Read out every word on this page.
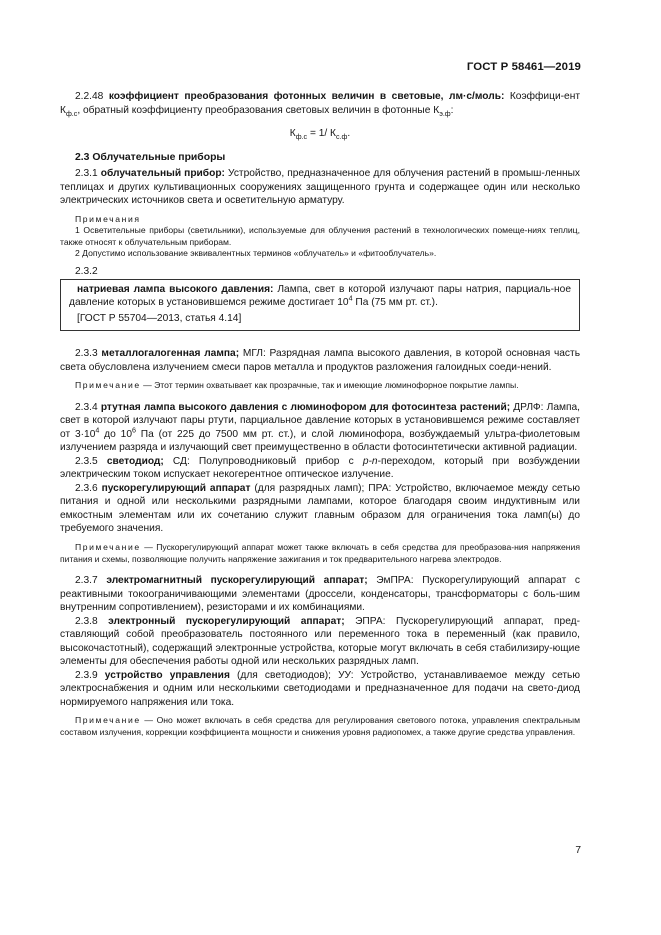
ГОСТ Р 58461—2019

2.2.48 коэффициент преобразования фотонных величин в световые, лм·с/моль: Коэффици-ент $К_{ф.с}$, обратный коэффициенту преобразования световых величин в фотонные $К_{э.ф}$:

$К_{ф.с} = 1/$ $К_{с.ф}$.
2.3 Облучательные приборы

2.3.1 облучательный прибор: Устройство, предназначенное для облучения растений в промыш-ленных теплицах и других культивационных сооружениях защищенного грунта и содержащее один или несколько электрических источников света и осветительную арматуру.

Примечания

1 Осветительные приборы (светильники), используемые для облучения растений в технологических помеще-ниях теплиц, также относят к облучательным приборам.

2 Допустимо использование эквивалентных терминов «облучатель» и «фитооблучатель».

2.3.2

натриевая лампа высокого давления: Лампа, свет в которой излучают пары натрия, парциаль-ное давление которых в установившемся режиме достигает $10^4$ Па (75 мм рт. ст.).

[ГОСТ Р 55704—2013, статья 4.14]

2.3.3 металлогалогенная лампа; МГЛ: Разрядная лампа высокого давления, в которой основная часть света обусловлена излучением смеси паров металла и продуктов разложения галоидных соеди-нений.

Примечание — Этот термин охватывает как прозрачные, так и имеющие люминофорное покрытие лампы.

2.3.4 ртутная лампа высокого давления с люминофором для фотосинтеза растений; ДРЛФ: Лампа, свет в которой излучают пары ртути, парциальное давление которых в установившемся режиме составляет от $3\cdot 10^4$ до $10^6$ Па (от 225 до 7500 мм рт. ст.), и слой люминофора, возбуждаемый ультра-фиолетовым излучением разряда и излучающий свет преимущественно в области фотосинтетически активной радиации.

2.3.5 светодиод; СД: Полупроводниковый прибор с p-n-переходом, который при возбуждении электрическим током испускает некогерентное оптическое излучение.

2.3.6 пускорегулирующий аппарат (для разрядных ламп); ПРА: Устройство, включаемое между сетью питания и одной или несколькими разрядными лампами, которое благодаря своим индуктивным или емкостным элементам или их сочетанию служит главным образом для ограничения тока ламп(ы) до требуемого значения.

Примечание — Пускорегулирующий аппарат может также включать в себя средства для преобразова-ния напряжения питания и схемы, позволяющие получить напряжение зажигания и ток предварительного нагрева электродов.

2.3.7 электромагнитный пускорегулирующий аппарат; ЭмПРА: Пускорегулирующий аппарат с реактивными токоограничивающими элементами (дроссели, конденсаторы, трансформаторы с боль-шим внутренним сопротивлением), резисторами и их комбинациями.

2.3.8 электронный пускорегулирующий аппарат; ЭПРА: Пускорегулирующий аппарат, пред-ставляющий собой преобразователь постоянного или переменного тока в переменный (как правило, высокочастотный), содержащий электронные устройства, которые могут включать в себя стабилизиру-ющие элементы для обеспечения работы одной или нескольких разрядных ламп.

2.3.9 устройство управления (для светодиодов); УУ: Устройство, устанавливаемое между сетью электроснабжения и одним или несколькими светодиодами и предназначенное для подачи на свето-диод нормируемого напряжения или тока.

Примечание — Оно может включать в себя средства для регулирования светового потока, управления спектральным составом излучения, коррекции коэффициента мощности и снижения уровня радиопомех, а также другие средства управления.

7
